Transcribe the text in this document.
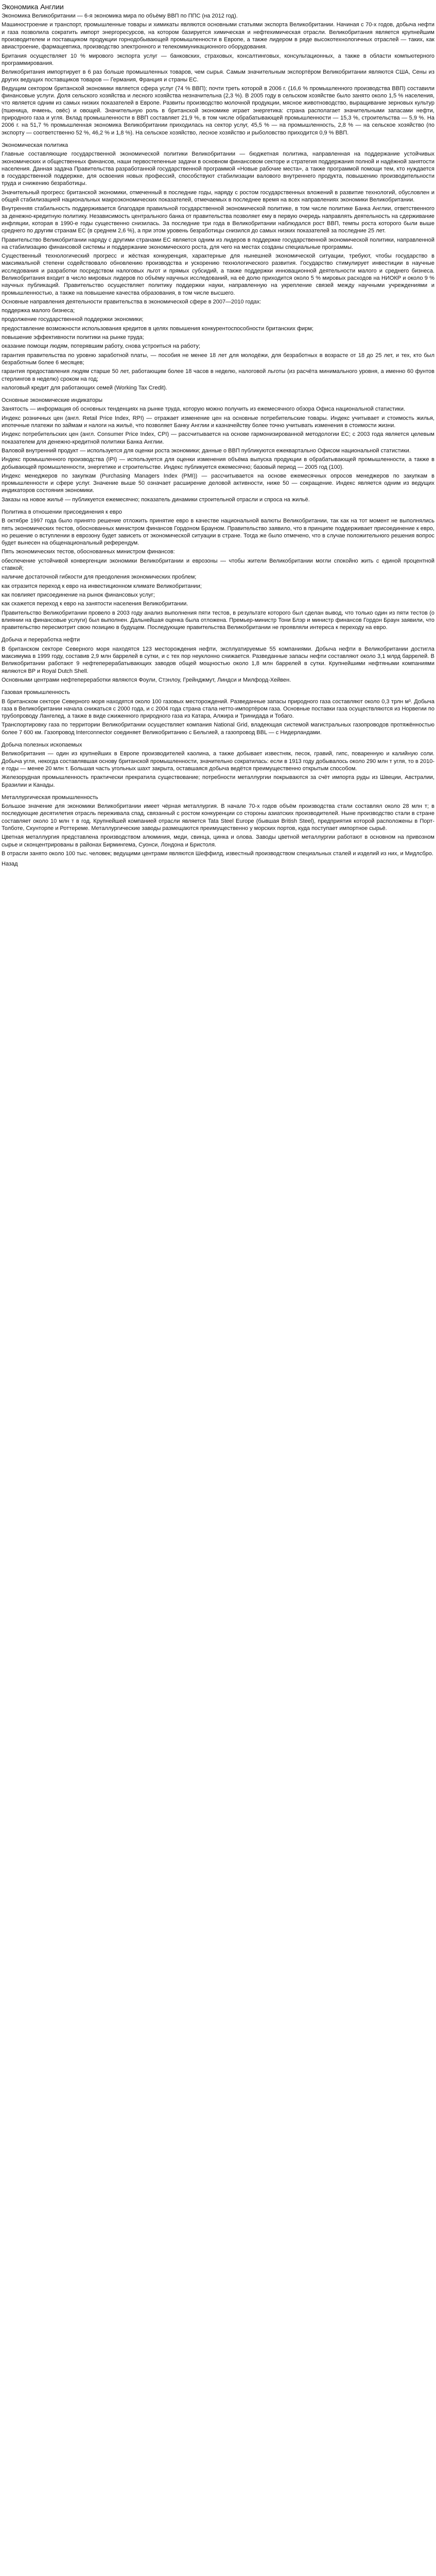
Экономика Англии

Экономика Великобритании — 6-я экономика мира по объёму ВВП по ППС (на 2012 год).

Машиностроение и транспорт, промышленные товары и химикаты являются основными статьями экспорта Великобритании. Начиная с 70-х годов, добыча нефти и газа позволила сократить импорт энергоресурсов, на котором базируется химическая и нефтехимическая отрасли. Великобритания является крупнейшим производителем и поставщиком продукции горнодобывающей промышленности в Европе, а также лидером в ряде высокотехнологичных отраслей — таких, как авиастроение, фармацевтика, производство электронного и телекоммуникационного оборудования.

Британия осуществляет 10 % мирового экспорта услуг — банковских, страховых, консалтинговых, консультационных, а также в области компьютерного программирования.

Великобритания импортирует в 6 раз больше промышленных товаров, чем сырья. Самым значительным экспортёром Великобритании являются США, Сены из других ведущих поставщиков товаров — Германия, Франция и страны ЕС.

Ведущим сектором британской экономики является сфера услуг (74 % ВВП); почти треть которой в 2006 г. (16,6 % промышленного производства ВВП) составили финансовые услуги. Доля сельского хозяйства и лесного хозяйства незначительна (2,3 %). В 2005 году в сельском хозяйстве было занято около 1,5 % населения, что является одним из самых низких показателей в Европе. Развиты производство молочной продукции, мясное животноводство, выращивание зерновых культур (пшеница, ячмень, овёс) и овощей. Значительную роль в британской экономике играет энергетика: страна располагает значительными запасами нефти, природного газа и угля. Вклад промышленности в ВВП составляет 21,9 %, в том числе обрабатывающей промышленности — 15,3 %, строительства — 5,9 %. На 2006 г. на 51,7 % промышленная экономика Великобритании приходилась на сектор услуг, 45,5 % — на промышленность, 2,8 % — на сельское хозяйство (по экспорту — соответственно 52 %, 46,2 % и 1,8 %). На сельское хозяйство, лесное хозяйство и рыболовство приходится 0,9 % ВВП.

Экономическая политика

Главные составляющие государственной экономической политики Великобритании — бюджетная политика, направленная на поддержание устойчивых экономических и общественных финансов, наши первостепенные задачи в основном финансовом секторе и стратегия поддержания полной и надёжной занятости населения. Данная задача Правительства разработанной государственной программой «Новые рабочие места», а также программой помощи тем, кто нуждается в государственной поддержке, для освоения новых профессий, способствуют стабилизации валового внутреннего продукта, повышению производительности труда и снижению безработицы.

Значительный прогресс британской экономики, отмеченный в последние годы, наряду с ростом государственных вложений в развитие технологий, обусловлен и общей стабилизацией национальных макроэкономических показателей, отмечаемых в последнее время на всех направлениях экономики Великобритании.

Внутренняя стабильность поддерживается благодаря правильной государственной экономической политике, в том числе политике Банка Англии, ответственного за денежно-кредитную политику. Независимость центрального банка от правительства позволяет ему в первую очередь направлять деятельность на сдерживание инфляции, которая в 1990-е годы существенно снизилась. За последние три года в Великобритании наблюдался рост ВВП, темпы роста которого были выше среднего по другим странам ЕС (в среднем 2,6 %), а при этом уровень безработицы снизился до самых низких показателей за последние 25 лет.

Правительство Великобритании наряду с другими странами ЕС является одним из лидеров в поддержке государственной экономической политики, направленной на стабилизацию финансовой системы и поддержание экономического роста, для чего на местах созданы специальные программы.

Существенный технологический прогресс и жёсткая конкуренция, характерные для нынешней экономической ситуации, требуют, чтобы государство в максимальной степени содействовало обновлению производства и ускорению технологического развития. Государство стимулирует инвестиции в научные исследования и разработки посредством налоговых льгот и прямых субсидий, а также поддержки инновационной деятельности малого и среднего бизнеса. Великобритания входит в число мировых лидеров по объёму научных исследований, на её долю приходится около 5 % мировых расходов на НИОКР и около 9 % научных публикаций. Правительство осуществляет политику поддержки науки, направленную на укрепление связей между научными учреждениями и промышленностью, а также на повышение качества образования, в том числе высшего.

Основные направления деятельности правительства в экономической сфере в 2007—2010 годах:

поддержка малого бизнеса;

продолжение государственной поддержки экономики;

предоставление возможности использования кредитов в целях повышения конкурентоспособности британских фирм;

повышение эффективности политики на рынке труда;

оказание помощи людям, потерявшим работу, снова устроиться на работу;

гарантия правительства по уровню заработной платы, — пособия не менее 18 лет для молодёжи, для безработных в возрасте от 18 до 25 лет, и тех, кто был безработным более 6 месяцев;

гарантия предоставления людям старше 50 лет, работающим более 18 часов в неделю, налоговой льготы (из расчёта минимального уровня, а именно 60 фунтов стерлингов в неделю) сроком на год;

налоговый кредит для работающих семей (Working Tax Credit).

Основные экономические индикаторы

Занятость — информация об основных тенденциях на рынке труда, которую можно получить из ежемесячного обзора Офиса национальной статистики.

Индекс розничных цен (англ. Retail Price Index, RPI) — отражает изменение цен на основные потребительские товары. Индекс учитывает и стоимость жилья, ипотечные платежи по займам и налоги на жильё, что позволяет Банку Англии и казначейству более точно учитывать изменения в стоимости жизни.

Индекс потребительских цен (англ. Consumer Price Index, CPI) — рассчитывается на основе гармонизированной методологии ЕС; с 2003 года является целевым показателем для денежно-кредитной политики Банка Англии.

Валовой внутренний продукт — используется для оценки роста экономики; данные о ВВП публикуются ежеквартально Офисом национальной статистики.

Индекс промышленного производства (IPI) — используется для оценки изменения объёма выпуска продукции в обрабатывающей промышленности, а также в добывающей промышленности, энергетике и строительстве. Индекс публикуется ежемесячно; базовый период — 2005 год (100).

Индекс менеджеров по закупкам (Purchasing Managers Index (PMI)) — рассчитывается на основе ежемесячных опросов менеджеров по закупкам в промышленности и сфере услуг. Значение выше 50 означает расширение деловой активности, ниже 50 — сокращение. Индекс является одним из ведущих индикаторов состояния экономики.

Заказы на новое жильё — публикуется ежемесячно; показатель динамики строительной отрасли и спроса на жильё.

Политика в отношении присоединения к евро

В октябре 1997 года было принято решение отложить принятие евро в качестве национальной валюты Великобритании, так как на тот момент не выполнялись пять экономических тестов, обоснованных министром финансов Гордоном Брауном. Правительство заявило, что в принципе поддерживает присоединение к евро, но решение о вступлении в еврозону будет зависеть от экономической ситуации в стране. Тогда же было отмечено, что в случае положительного решения вопрос будет вынесен на общенациональный референдум.

Пять экономических тестов, обоснованных министром финансов:

обеспечение устойчивой конвергенции экономики Великобритании и еврозоны — чтобы жители Великобритании могли спокойно жить с единой процентной ставкой;

наличие достаточной гибкости для преодоления экономических проблем;

как отразится переход к евро на инвестиционном климате Великобритании;

как повлияет присоединение на рынок финансовых услуг;

как скажется переход к евро на занятости населения Великобритании.

Правительство Великобритании провело в 2003 году анализ выполнения пяти тестов, в результате которого был сделан вывод, что только один из пяти тестов (о влиянии на финансовые услуги) был выполнен. Дальнейшая оценка была отложена. Премьер-министр Тони Блэр и министр финансов Гордон Браун заявили, что правительство пересмотрит свою позицию в будущем. Последующие правительства Великобритании не проявляли интереса к переходу на евро.

Добыча и переработка нефти

В британском секторе Северного моря находятся 123 месторождения нефти, эксплуатируемые 55 компаниями. Добыча нефти в Великобритании достигла максимума в 1999 году, составив 2,9 млн баррелей в сутки, и с тех пор неуклонно снижается. Разведанные запасы нефти составляют около 3,1 млрд баррелей. В Великобритании работают 9 нефтеперерабатывающих заводов общей мощностью около 1,8 млн баррелей в сутки. Крупнейшими нефтяными компаниями являются BP и Royal Dutch Shell.

Основными центрами нефтепереработки являются Фоули, Стэнлоу, Грейнджмут, Линдси и Милфорд-Хейвен.

Газовая промышленность

В британском секторе Северного моря находятся около 100 газовых месторождений. Разведанные запасы природного газа составляют около 0,3 трлн м³. Добыча газа в Великобритании начала снижаться с 2000 года, и с 2004 года страна стала нетто-импортёром газа. Основные поставки газа осуществляются из Норвегии по трубопроводу Лангелед, а также в виде сжиженного природного газа из Катара, Алжира и Тринидада и Тобаго.

Транспортировку газа по территории Великобритании осуществляет компания National Grid, владеющая системой магистральных газопроводов протяжённостью более 7 600 км. Газопровод Interconnector соединяет Великобританию с Бельгией, а газопровод BBL — с Нидерландами.

Добыча полезных ископаемых

Великобритания — один из крупнейших в Европе производителей каолина, а также добывает известняк, песок, гравий, гипс, поваренную и калийную соли. Добыча угля, некогда составлявшая основу британской промышленности, значительно сократилась: если в 1913 году добывалось около 290 млн т угля, то в 2010-е годы — менее 20 млн т. Большая часть угольных шахт закрыта, оставшаяся добыча ведётся преимущественно открытым способом.

Железорудная промышленность практически прекратила существование; потребности металлургии покрываются за счёт импорта руды из Швеции, Австралии, Бразилии и Канады.

Металлургическая промышленность

Большое значение для экономики Великобритании имеет чёрная металлургия. В начале 70-х годов объём производства стали составлял около 28 млн т; в последующие десятилетия отрасль переживала спад, связанный с ростом конкуренции со стороны азиатских производителей. Ныне производство стали в стране составляет около 10 млн т в год. Крупнейшей компанией отрасли является Tata Steel Europe (бывшая British Steel), предприятия которой расположены в Порт-Толботе, Скунторпе и Роттереме. Металлургические заводы размещаются преимущественно у морских портов, куда поступает импортное сырьё.

Цветная металлургия представлена производством алюминия, меди, свинца, цинка и олова. Заводы цветной металлургии работают в основном на привозном сырье и сконцентрированы в районах Бирмингема, Суонси, Лондона и Бристоля.

В отрасли занято около 100 тыс. человек; ведущими центрами являются Шеффилд, известный производством специальных сталей и изделий из них, и Мидлсбро.

Назад
